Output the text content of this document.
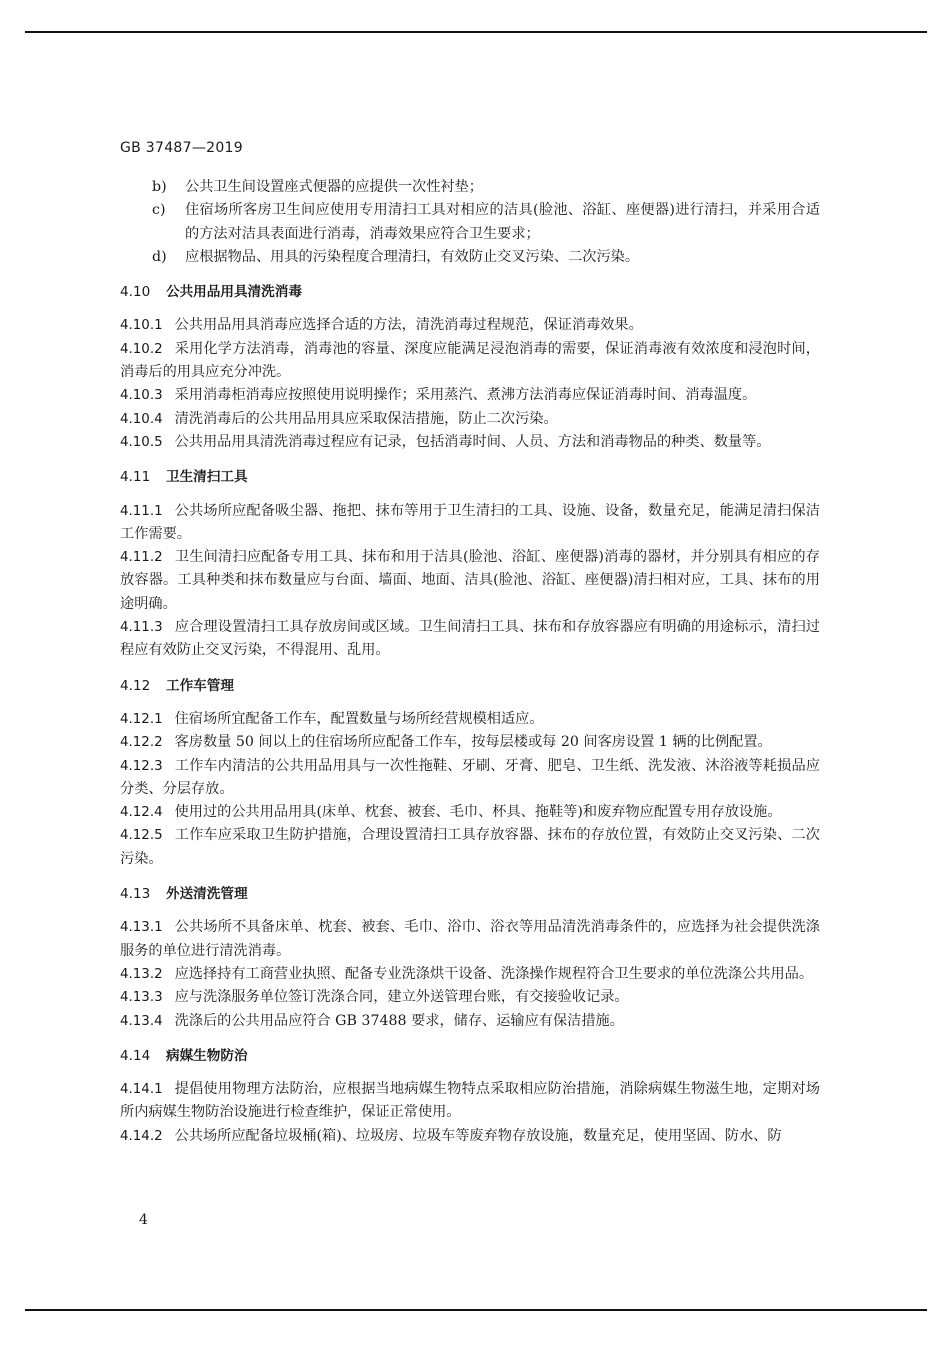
GB 37487—2019
b)	公共卫生间设置座式便器的应提供一次性衬垫；
c)	住宿场所客房卫生间应使用专用清扫工具对相应的洁具(脸池、浴缸、座便器)进行清扫，并采用合适的方法对洁具表面进行消毒，消毒效果应符合卫生要求；
d)	应根据物品、用具的污染程度合理清扫，有效防止交叉污染、二次污染。
4.10 公共用品用具清洗消毒

4.10.1 公共用品用具消毒应选择合适的方法，清洗消毒过程规范，保证消毒效果。

4.10.2 采用化学方法消毒，消毒池的容量、深度应能满足浸泡消毒的需要，保证消毒液有效浓度和浸泡时间，消毒后的用具应充分冲洗。

4.10.3 采用消毒柜消毒应按照使用说明操作；采用蒸汽、煮沸方法消毒应保证消毒时间、消毒温度。

4.10.4 清洗消毒后的公共用品用具应采取保洁措施，防止二次污染。

4.10.5 公共用品用具清洗消毒过程应有记录，包括消毒时间、人员、方法和消毒物品的种类、数量等。

4.11 卫生清扫工具

4.11.1 公共场所应配备吸尘器、拖把、抹布等用于卫生清扫的工具、设施、设备，数量充足，能满足清扫保洁工作需要。

4.11.2 卫生间清扫应配备专用工具、抹布和用于洁具(脸池、浴缸、座便器)消毒的器材，并分别具有相应的存放容器。工具种类和抹布数量应与台面、墙面、地面、洁具(脸池、浴缸、座便器)清扫相对应，工具、抹布的用途明确。

4.11.3 应合理设置清扫工具存放房间或区域。卫生间清扫工具、抹布和存放容器应有明确的用途标示，清扫过程应有效防止交叉污染，不得混用、乱用。

4.12 工作车管理

4.12.1 住宿场所宜配备工作车，配置数量与场所经营规模相适应。

4.12.2 客房数量 50 间以上的住宿场所应配备工作车，按每层楼或每 20 间客房设置 1 辆的比例配置。

4.12.3 工作车内清洁的公共用品用具与一次性拖鞋、牙刷、牙膏、肥皂、卫生纸、洗发液、沐浴液等耗损品应分类、分层存放。

4.12.4 使用过的公共用品用具(床单、枕套、被套、毛巾、杯具、拖鞋等)和废弃物应配置专用存放设施。

4.12.5 工作车应采取卫生防护措施，合理设置清扫工具存放容器、抹布的存放位置，有效防止交叉污染、二次污染。

4.13 外送清洗管理

4.13.1 公共场所不具备床单、枕套、被套、毛巾、浴巾、浴衣等用品清洗消毒条件的，应选择为社会提供洗涤服务的单位进行清洗消毒。

4.13.2 应选择持有工商营业执照、配备专业洗涤烘干设备、洗涤操作规程符合卫生要求的单位洗涤公共用品。

4.13.3 应与洗涤服务单位签订洗涤合同，建立外送管理台账，有交接验收记录。

4.13.4 洗涤后的公共用品应符合 GB 37488 要求，储存、运输应有保洁措施。

4.14 病媒生物防治

4.14.1 提倡使用物理方法防治，应根据当地病媒生物特点采取相应防治措施，消除病媒生物滋生地，定期对场所内病媒生物防治设施进行检查维护，保证正常使用。

4.14.2 公共场所应配备垃圾桶(箱)、垃圾房、垃圾车等废弃物存放设施，数量充足，使用坚固、防水、防

4
